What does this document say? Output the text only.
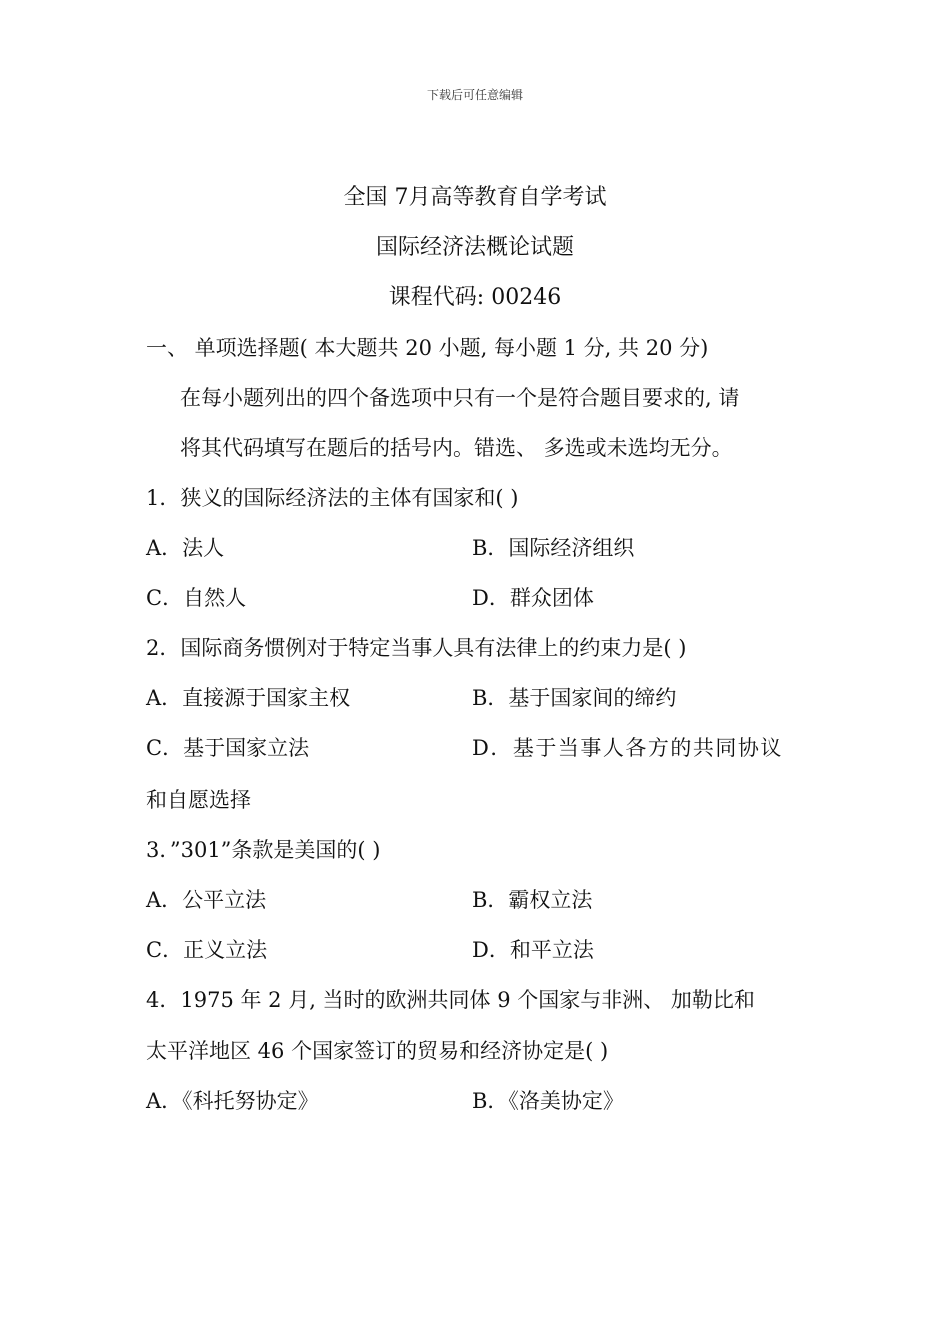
下载后可任意编辑
全国 7月高等教育自学考试
国际经济法概论试题
课程代码: 00246
一、 单项选择题( 本大题共 20 小题, 每小题 1 分, 共 20 分)
在每小题列出的四个备选项中只有一个是符合题目要求的, 请
将其代码填写在题后的括号内。错选、 多选或未选均无分。
1．狭义的国际经济法的主体有国家和( )
A．法人	B．国际经济组织
C．自然人	D．群众团体
2．国际商务惯例对于特定当事人具有法律上的约束力是( )
A．直接源于国家主权	B．基于国家间的缔约
C．基于国家立法	D．基于当事人各方的共同协议
和自愿选择
3．”301”条款是美国的( )
A．公平立法	B．霸权立法
C．正义立法	D．和平立法
4．1975 年 2 月, 当时的欧洲共同体 9 个国家与非洲、 加勒比和
太平洋地区 46 个国家签订的贸易和经济协定是( )
A．《科托努协定》	B．《洛美协定》
